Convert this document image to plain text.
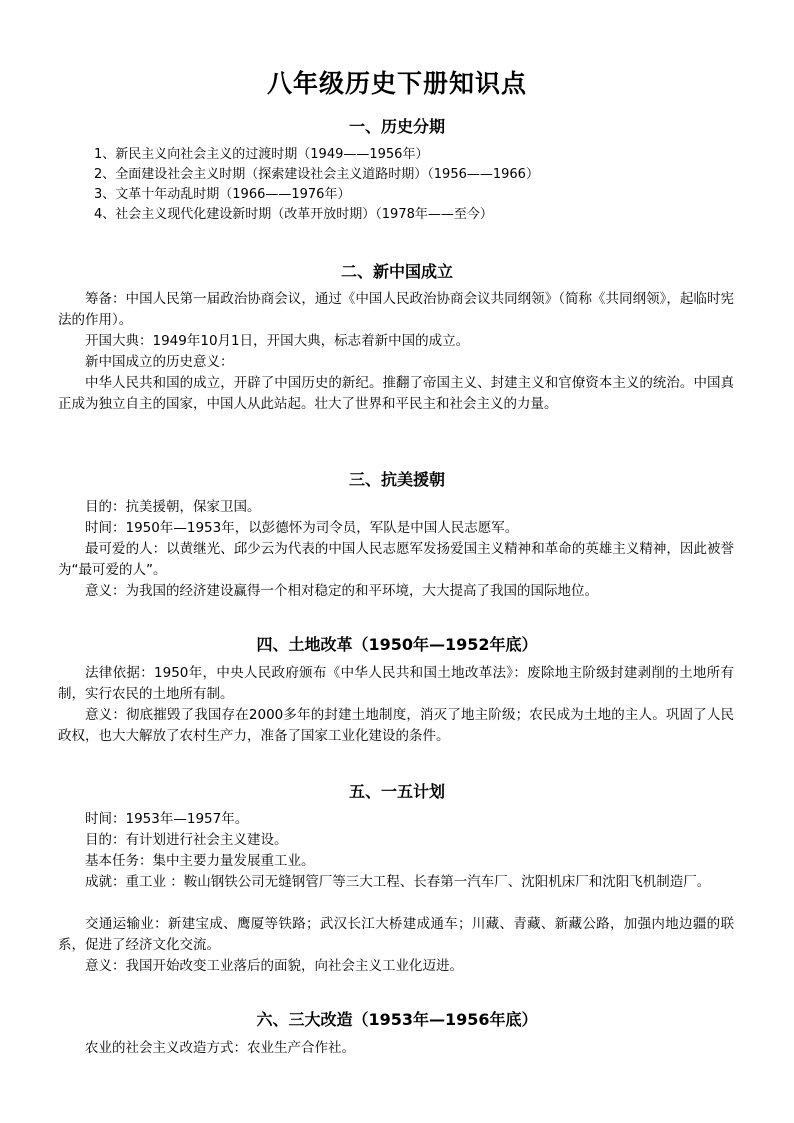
八年级历史下册知识点
一、历史分期
1、新民主义向社会主义的过渡时期（1949——1956年）
2、全面建设社会主义时期（探索建设社会主义道路时期）（1956——1966）
3、文革十年动乱时期（1966——1976年）
4、社会主义现代化建设新时期（改革开放时期）（1978年——至今）
二、新中国成立
筹备：中国人民第一届政治协商会议，通过《中国人民政治协商会议共同纲领》（简称《共同纲领》，起临时宪法的作用）。
开国大典：1949年10月1日，开国大典，标志着新中国的成立。
新中国成立的历史意义：
中华人民共和国的成立，开辟了中国历史的新纪。推翻了帝国主义、封建主义和官僚资本主义的统治。中国真正成为独立自主的国家，中国人从此站起。壮大了世界和平民主和社会主义的力量。
三、抗美援朝
目的：抗美援朝，保家卫国。
时间：1950年—1953年，以彭德怀为司令员，军队是中国人民志愿军。
最可爱的人：以黄继光、邱少云为代表的中国人民志愿军发扬爱国主义精神和革命的英雄主义精神，因此被誉为“最可爱的人”。
意义：为我国的经济建设赢得一个相对稳定的和平环境，大大提高了我国的国际地位。
四、土地改革（1950年—1952年底）
法律依据：1950年，中央人民政府颁布《中华人民共和国土地改革法》：废除地主阶级封建剥削的土地所有制，实行农民的土地所有制。
意义：彻底摧毁了我国存在2000多年的封建土地制度，消灭了地主阶级；农民成为土地的主人。巩固了人民政权，也大大解放了农村生产力，准备了国家工业化建设的条件。
五、一五计划
时间：1953年—1957年。
目的：有计划进行社会主义建设。
基本任务：集中主要力量发展重工业。
成就：重工业 ：鞍山钢铁公司无缝钢管厂等三大工程、长春第一汽车厂、沈阳机床厂和沈阳飞机制造厂。
交通运输业：新建宝成、鹰厦等铁路；武汉长江大桥建成通车；川藏、青藏、新藏公路，加强内地边疆的联系，促进了经济文化交流。
意义：我国开始改变工业落后的面貌，向社会主义工业化迈进。
六、三大改造（1953年—1956年底）
农业的社会主义改造方式：农业生产合作社。
